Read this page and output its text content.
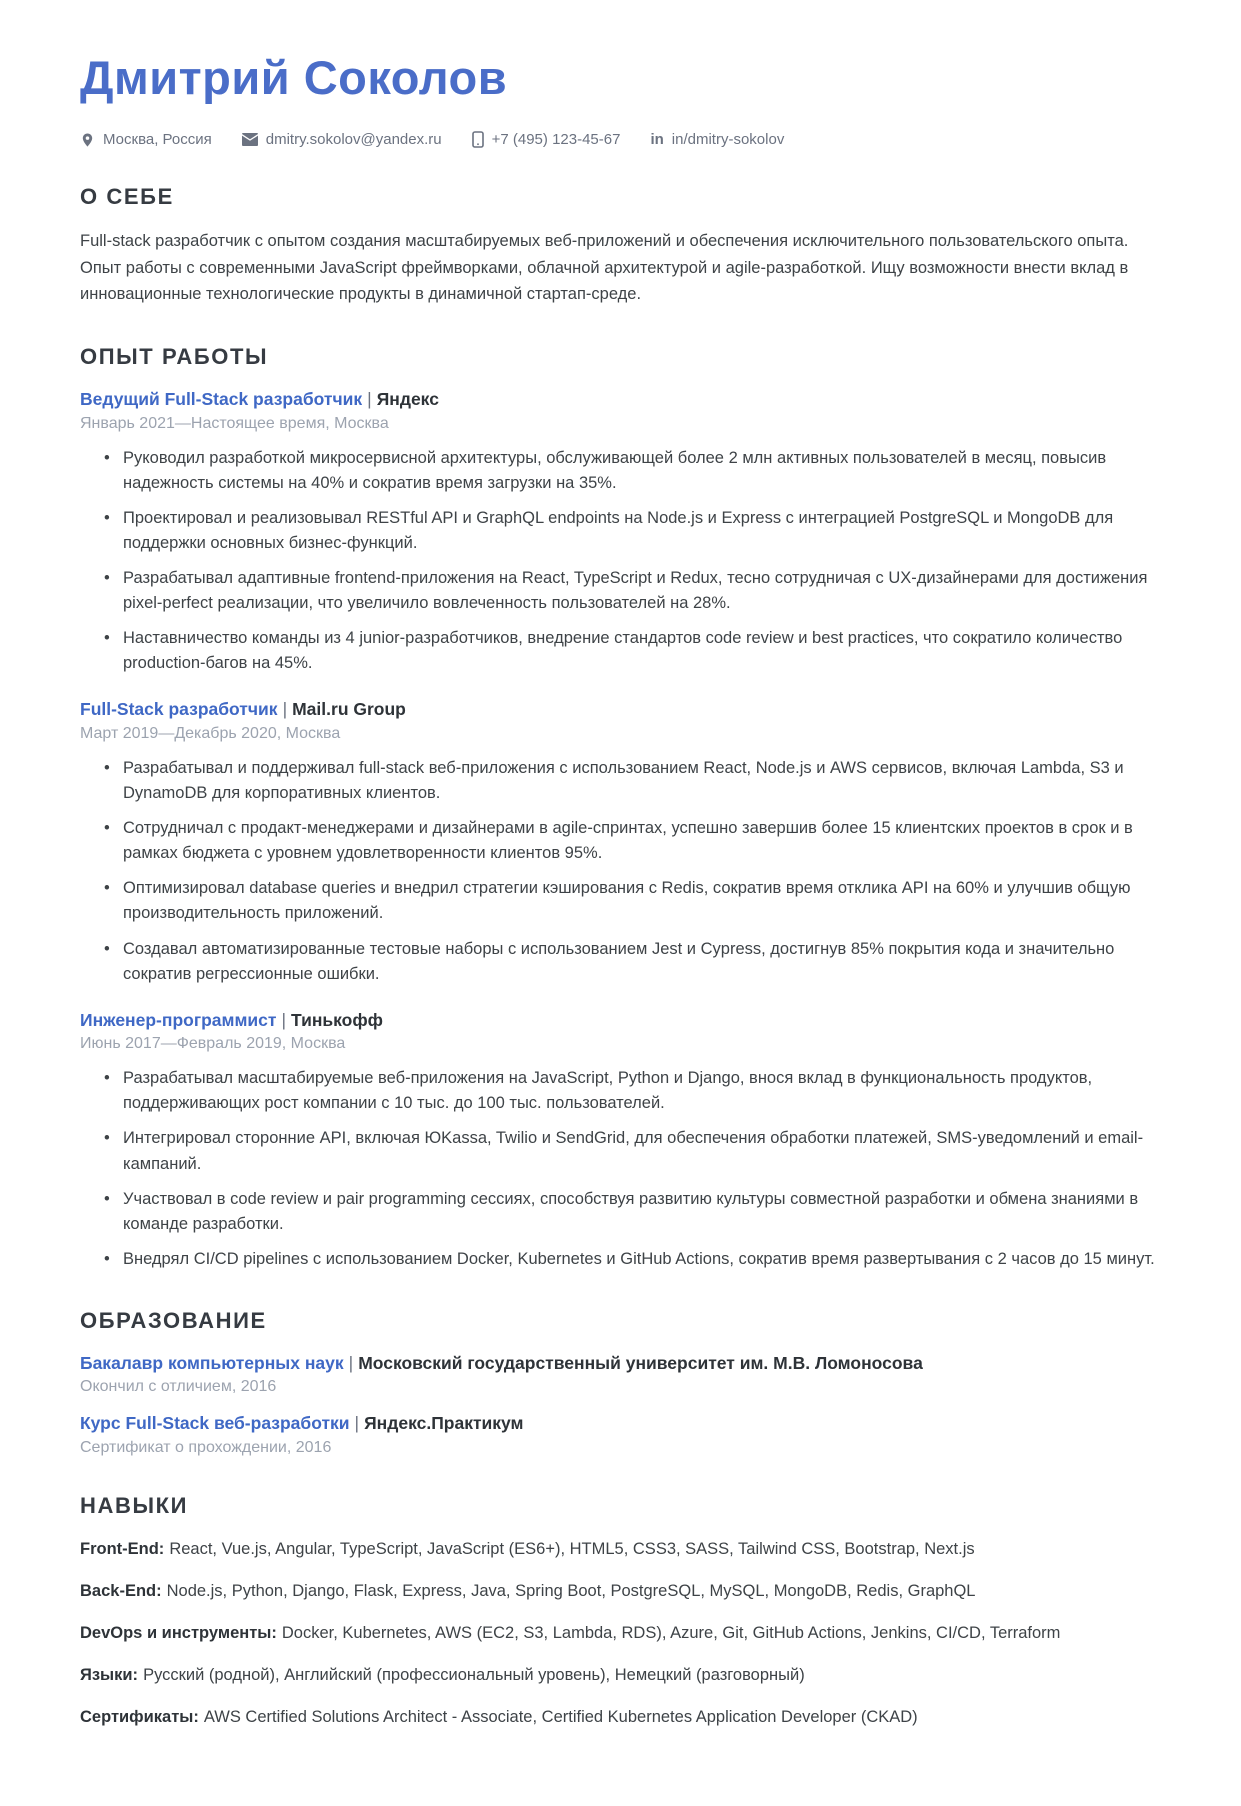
Дмитрий Соколов
Москва, Россия	dmitry.sokolov@yandex.ru	+7 (495) 123-45-67 in in/dmitry-sokolov
О СЕБЕ

Full-stack разработчик с опытом создания масштабируемых веб-приложений и обеспечения исключительного пользовательского опыта. Опыт работы с современными JavaScript фреймворками, облачной архитектурой и agile-разработкой. Ищу возможности внести вклад в инновационные технологические продукты в динамичной стартап-среде.

ОПЫТ РАБОТЫ
Ведущий Full-Stack разработчик | Яндекс
Январь 2021—Настоящее время, Москва
• Руководил разработкой микросервисной архитектуры, обслуживающей более 2 млн активных пользователей в месяц, повысив надежность системы на 40% и сократив время загрузки на 35%.
• Проектировал и реализовывал RESTful API и GraphQL endpoints на Node.js и Express с интеграцией PostgreSQL и MongoDB для поддержки основных бизнес-функций.
• Разрабатывал адаптивные frontend-приложения на React, TypeScript и Redux, тесно сотрудничая с UX-дизайнерами для достижения pixel-perfect реализации, что увеличило вовлеченность пользователей на 28%.
• Наставничество команды из 4 junior-разработчиков, внедрение стандартов code review и best practices, что сократило количество production-багов на 45%.
Full-Stack разработчик | Mail.ru Group
Март 2019—Декабрь 2020, Москва
• Разрабатывал и поддерживал full-stack веб-приложения с использованием React, Node.js и AWS сервисов, включая Lambda, S3 и DynamoDB для корпоративных клиентов.
• Сотрудничал с продакт-менеджерами и дизайнерами в agile-спринтах, успешно завершив более 15 клиентских проектов в срок и в рамках бюджета с уровнем удовлетворенности клиентов 95%.
• Оптимизировал database queries и внедрил стратегии кэширования с Redis, сократив время отклика API на 60% и улучшив общую производительность приложений.
• Создавал автоматизированные тестовые наборы с использованием Jest и Cypress, достигнув 85% покрытия кода и значительно сократив регрессионные ошибки.
Инженер-программист | Тинькофф
Июнь 2017—Февраль 2019, Москва
• Разрабатывал масштабируемые веб-приложения на JavaScript, Python и Django, внося вклад в функциональность продуктов, поддерживающих рост компании с 10 тыс. до 100 тыс. пользователей.
• Интегрировал сторонние API, включая ЮKassa, Twilio и SendGrid, для обеспечения обработки платежей, SMS-уведомлений и email-кампаний.
• Участвовал в code review и pair programming сессиях, способствуя развитию культуры совместной разработки и обмена знаниями в команде разработки.
• Внедрял CI/CD pipelines с использованием Docker, Kubernetes и GitHub Actions, сократив время развертывания с 2 часов до 15 минут.
ОБРАЗОВАНИЕ
Бакалавр компьютерных наук | Московский государственный университет им. М.В. Ломоносова
Окончил с отличием, 2016
Курс Full-Stack веб-разработки | Яндекс.Практикум
Сертификат о прохождении, 2016
НАВЫКИ

Front-End: React, Vue.js, Angular, TypeScript, JavaScript (ES6+), HTML5, CSS3, SASS, Tailwind CSS, Bootstrap, Next.js

Back-End: Node.js, Python, Django, Flask, Express, Java, Spring Boot, PostgreSQL, MySQL, MongoDB, Redis, GraphQL

DevOps и инструменты: Docker, Kubernetes, AWS (EC2, S3, Lambda, RDS), Azure, Git, GitHub Actions, Jenkins, CI/CD, Terraform

Языки: Русский (родной), Английский (профессиональный уровень), Немецкий (разговорный)

Сертификаты: AWS Certified Solutions Architect - Associate, Certified Kubernetes Application Developer (CKAD)
